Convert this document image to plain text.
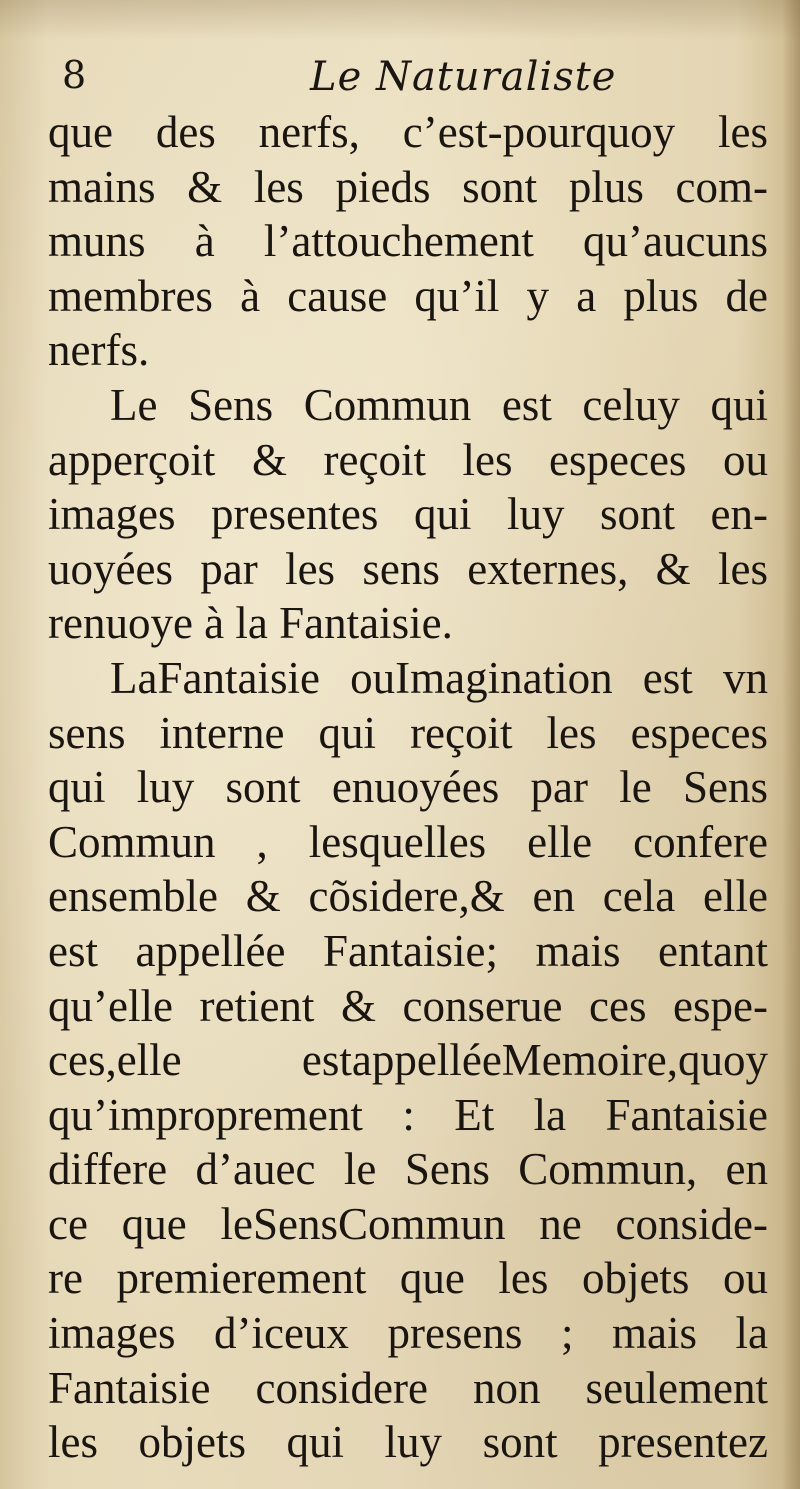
8	Le Naturaliste
que des nerfs, c’est-pourquoy les
mains & les pieds sont plus com-
muns à l’attouchement qu’aucuns
membres à cause qu’il y a plus de
nerfs.
Le Sens Commun est celuy qui
apperçoit & reçoit les especes ou
images presentes qui luy sont en-
uoyées par les sens externes, & les
renuoye à la Fantaisie.
LaFantaisie ouImagination est vn
sens interne qui reçoit les especes
qui luy sont enuoyées par le Sens
Commun , lesquelles elle confere
ensemble & cõsidere,& en cela elle
est appellée Fantaisie; mais entant
qu’elle retient & conserue ces espe-
ces,elle estappelléeMemoire,quoy
qu’improprement : Et la Fantaisie
differe d’auec le Sens Commun, en
ce que leSensCommun ne conside-
re premierement que les objets ou
images d’iceux presens ; mais la
Fantaisie considere non seulement
les objets qui luy sont presentez
